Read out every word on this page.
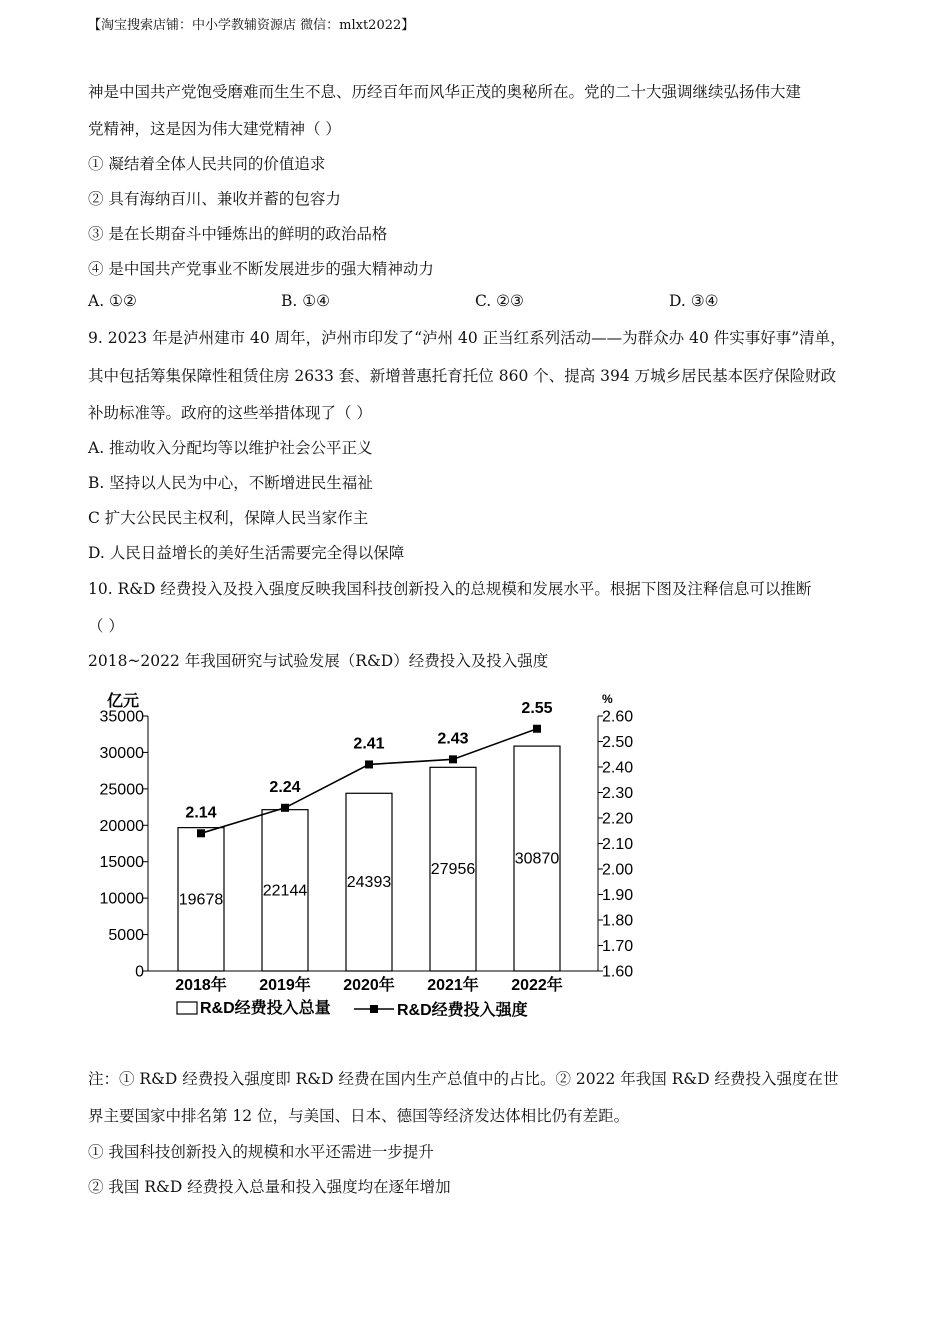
【淘宝搜索店铺：中小学教辅资源店 微信：mlxt2022】
神是中国共产党饱受磨难而生生不息、历经百年而风华正茂的奥秘所在。党的二十大强调继续弘扬伟大建
党精神，这是因为伟大建党精神（ ）
① 凝结着全体人民共同的价值追求
② 具有海纳百川、兼收并蓄的包容力
③ 是在长期奋斗中锤炼出的鲜明的政治品格
④ 是中国共产党事业不断发展进步的强大精神动力
A. ①②	B. ①④	C. ②③	D. ③④
9. 2023 年是泸州建市 40 周年，泸州市印发了“泸州 40 正当红系列活动——为群众办 40 件实事好事”清单，
其中包括筹集保障性租赁住房 2633 套、新增普惠托育托位 860 个、提高 394 万城乡居民基本医疗保险财政
补助标准等。政府的这些举措体现了（ ）
A. 推动收入分配均等以维护社会公平正义
B. 坚持以人民为中心，不断增进民生福祉
C 扩大公民民主权利，保障人民当家作主
D. 人民日益增长的美好生活需要完全得以保障
10. R&D 经费投入及投入强度反映我国科技创新投入的总规模和发展水平。根据下图及注释信息可以推断
（ ）
2018~2022 年我国研究与试验发展（R&D）经费投入及投入强度
亿元	%
0
5000
10000
15000
20000
25000
30000
35000
1.60
1.70
1.80
1.90
2.00
2.10
2.20
2.30
2.40
2.50
2.60
19678
2018年
22144
2019年
24393
2020年
27956
2021年
30870
2022年
2.14
2.24
2.41	2.43
2.55
R&D经费投入总量	R&D经费投入强度
注：① R&D 经费投入强度即 R&D 经费在国内生产总值中的占比。② 2022 年我国 R&D 经费投入强度在世
界主要国家中排名第 12 位，与美国、日本、德国等经济发达体相比仍有差距。
① 我国科技创新投入的规模和水平还需进一步提升
② 我国 R&D 经费投入总量和投入强度均在逐年增加
